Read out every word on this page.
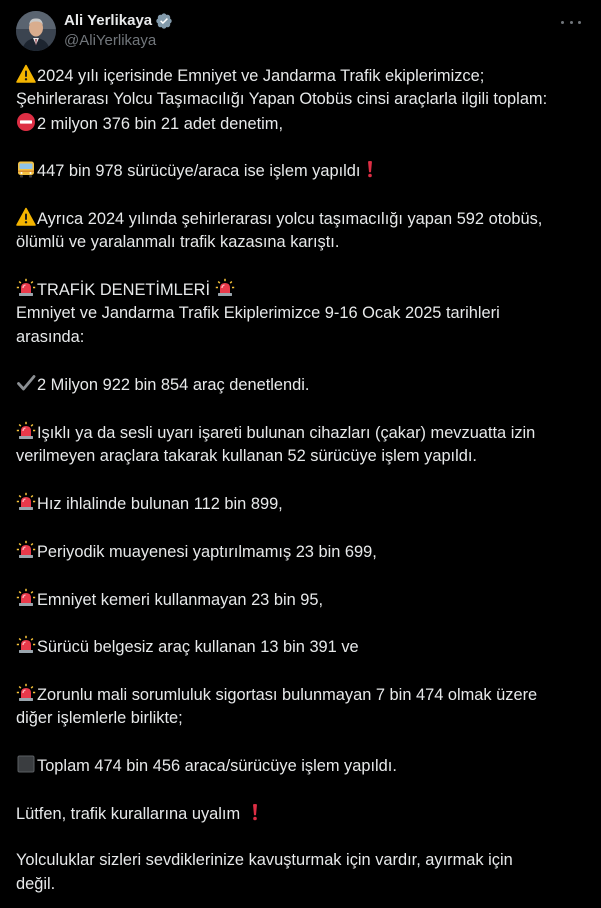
Ali Yerlikaya
@AliYerlikaya
2024 yılı içerisinde Emniyet ve Jandarma Trafik ekiplerimizce;
Şehirlerarası Yolcu Taşımacılığı Yapan Otobüs cinsi araçlarla ilgili toplam:
2 milyon 376 bin 21 adet denetim,
447 bin 978 sürücüye/araca ise işlem yapıldı
Ayrıca 2024 yılında şehirlerarası yolcu taşımacılığı yapan 592 otobüs,
ölümlü ve yaralanmalı trafik kazasına karıştı.
TRAFİK DENETİMLERİ
Emniyet ve Jandarma Trafik Ekiplerimizce 9-16 Ocak 2025 tarihleri
arasında:
2 Milyon 922 bin 854 araç denetlendi.
Işıklı ya da sesli uyarı işareti bulunan cihazları (çakar) mevzuatta izin
verilmeyen araçlara takarak kullanan 52 sürücüye işlem yapıldı.
Hız ihlalinde bulunan 112 bin 899,
Periyodik muayenesi yaptırılmamış 23 bin 699,
Emniyet kemeri kullanmayan 23 bin 95,
Sürücü belgesiz araç kullanan 13 bin 391 ve
Zorunlu mali sorumluluk sigortası bulunmayan 7 bin 474 olmak üzere
diğer işlemlerle birlikte;
Toplam 474 bin 456 araca/sürücüye işlem yapıldı.
Lütfen, trafik kurallarına uyalım
Yolculuklar sizleri sevdiklerinize kavuşturmak için vardır, ayırmak için
değil.
